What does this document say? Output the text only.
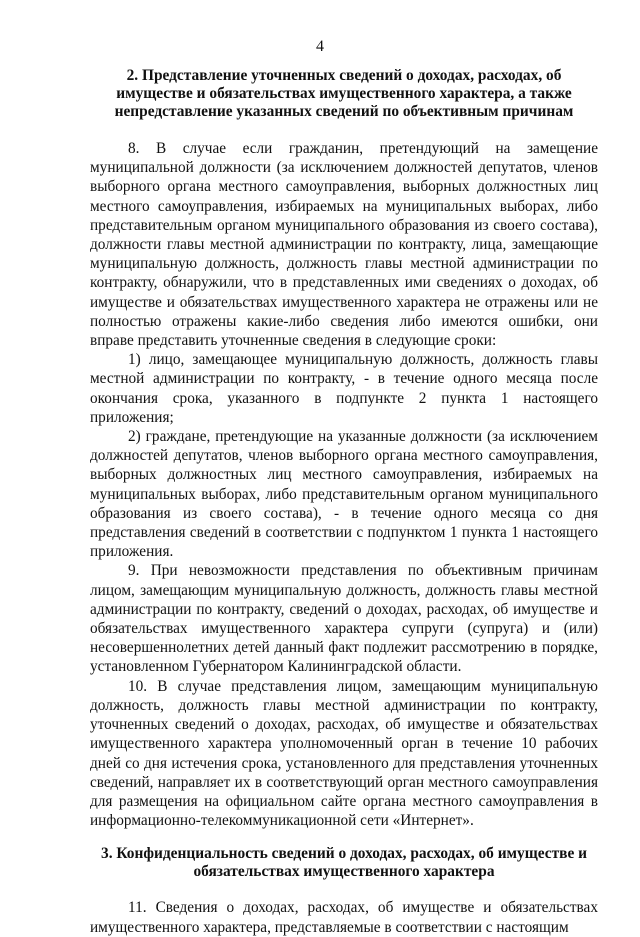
4

2. Представление уточненных сведений о доходах, расходах, об имуществе и обязательствах имущественного характера, а также непредставление указанных сведений по объективным причинам

8. В случае если гражданин, претендующий на замещение муниципальной должности (за исключением должностей депутатов, членов выборного органа местного самоуправления, выборных должностных лиц местного самоуправления, избираемых на муниципальных выборах, либо представительным органом муниципального образования из своего состава), должности главы местной администрации по контракту, лица, замещающие муниципальную должность, должность главы местной администрации по контракту, обнаружили, что в представленных ими сведениях о доходах, об имуществе и обязательствах имущественного характера не отражены или не полностью отражены какие-либо сведения либо имеются ошибки, они вправе представить уточненные сведения в следующие сроки:

1) лицо, замещающее муниципальную должность, должность главы местной администрации по контракту, - в течение одного месяца после окончания срока, указанного в подпункте 2 пункта 1 настоящего приложения;

2) граждане, претендующие на указанные должности (за исключением должностей депутатов, членов выборного органа местного самоуправления, выборных должностных лиц местного самоуправления, избираемых на муниципальных выборах, либо представительным органом муниципального образования из своего состава), - в течение одного месяца со дня представления сведений в соответствии с подпунктом 1 пункта 1 настоящего приложения.

9. При невозможности представления по объективным причинам лицом, замещающим муниципальную должность, должность главы местной администрации по контракту, сведений о доходах, расходах, об имуществе и обязательствах имущественного характера супруги (супруга) и (или) несовершеннолетних детей данный факт подлежит рассмотрению в порядке, установленном Губернатором Калининградской области.

10. В случае представления лицом, замещающим муниципальную должность, должность главы местной администрации по контракту, уточненных сведений о доходах, расходах, об имуществе и обязательствах имущественного характера уполномоченный орган в течение 10 рабочих дней со дня истечения срока, установленного для представления уточненных сведений, направляет их в соответствующий орган местного самоуправления для размещения на официальном сайте органа местного самоуправления в информационно-телекоммуникационной сети «Интернет».

3. Конфиденциальность сведений о доходах, расходах, об имуществе и обязательствах имущественного характера

11. Сведения о доходах, расходах, об имуществе и обязательствах имущественного характера, представляемые в соответствии с настоящим
